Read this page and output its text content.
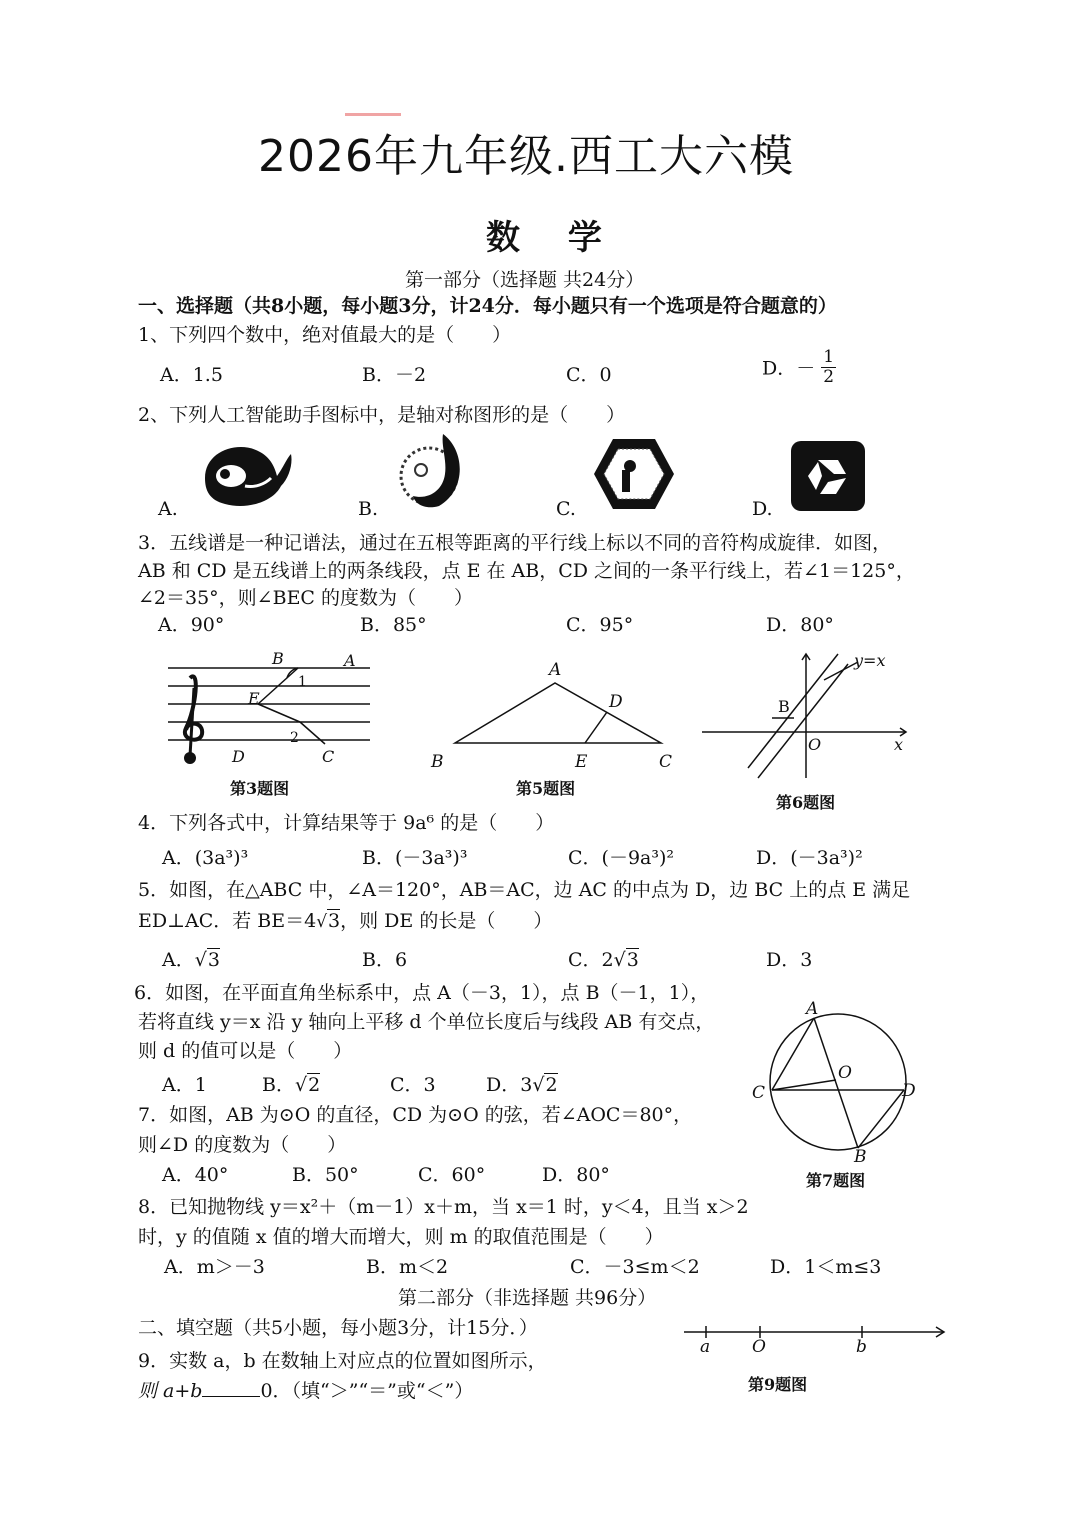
2026年九年级.西工大六模
数 学
第一部分（选择题 共24分）
一、选择题（共8小题，每小题3分，计24分．每小题只有一个选项是符合题意的）
1、下列四个数中，绝对值最大的是（　　）
A．1.5	B．－2	C．0	D．－ $\frac{1}{2}$
2、下列人工智能助手图标中，是轴对称图形的是（　　）
A.	B.	C.	D.
3．五线谱是一种记谱法，通过在五根等距离的平行线上标以不同的音符构成旋律．如图，
AB 和 CD 是五线谱上的两条线段，点 E 在 AB，CD 之间的一条平行线上，若∠1＝125°，
∠2＝35°，则∠BEC 的度数为（　　）
A．90°	B．85°	C．95°	D．80°
B	A
1
E
2
D	C
第3题图
A
D
B	E	C
第5题图
y=x
B
O	x
第6题图
4．下列各式中，计算结果等于 9a⁶ 的是（　　）
A．(3a³)³	B．(－3a³)³	C．(－9a³)²	D．(－3a³)²
5．如图，在△ABC 中，∠A＝120°，AB＝AC，边 AC 的中点为 D，边 BC 上的点 E 满足
ED⊥AC．若 BE＝4√3，则 DE 的长是（　　）
A．√3	B．6	C．2√3	D．3
6．如图，在平面直角坐标系中，点 A（－3，1），点 B（－1，1），
若将直线 y＝x 沿 y 轴向上平移 d 个单位长度后与线段 AB 有交点，
则 d 的值可以是（　　）
A．1	B．√2	C．3	D．3√2
A
O
C	D
B
第7题图
7．如图，AB 为⊙O 的直径，CD 为⊙O 的弦，若∠AOC＝80°，
则∠D 的度数为（　　）
A．40°	B．50°	C．60°	D．80°
8．已知抛物线 y＝x²＋（m－1）x＋m，当 x＝1 时，y＜4，且当 x＞2
时，y 的值随 x 值的增大而增大，则 m 的取值范围是（　　）
A．m＞－3	B．m＜2	C．－3≤m＜2	D．1＜m≤3
第二部分（非选择题 共96分）
二、填空题（共5小题，每小题3分，计15分．）
9．实数 a，b 在数轴上对应点的位置如图所示，
则 a+b	0．（填“＞”“＝”或“＜”）
a O	b
第9题图
